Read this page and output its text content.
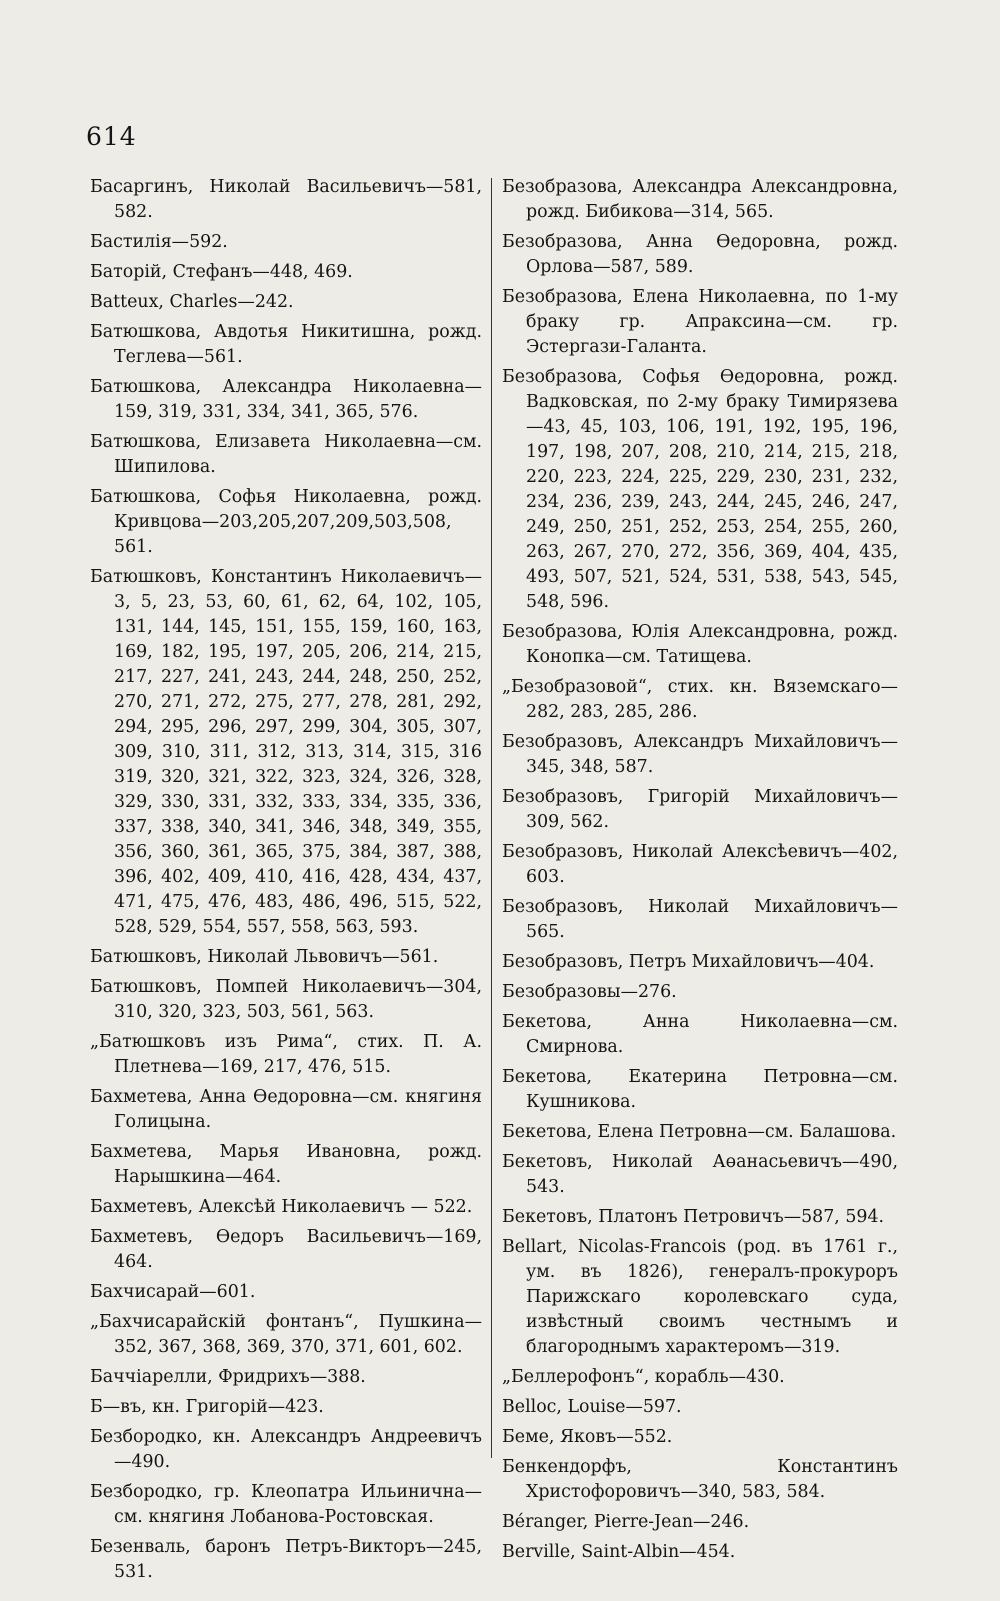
614

Басаргинъ, Николай Васильевичъ—581, 582.

Бастилія—592.

Баторій, Стефанъ—448, 469.

Batteux, Charles—242.

Батюшкова, Авдотья Никитишна, рожд. Теглева—561.

Батюшкова, Александра Николаевна—159, 319, 331, 334, 341, 365, 576.

Батюшкова, Елизавета Николаевна—см. Шипилова.

Батюшкова, Софья Николаевна, рожд. Кривцова—203,205,207,209,503,508, 561.

Батюшковъ, Константинъ Николаевичъ—3, 5, 23, 53, 60, 61, 62, 64, 102, 105, 131, 144, 145, 151, 155, 159, 160, 163, 169, 182, 195, 197, 205, 206, 214, 215, 217, 227, 241, 243, 244, 248, 250, 252, 270, 271, 272, 275, 277, 278, 281, 292, 294, 295, 296, 297, 299, 304, 305, 307, 309, 310, 311, 312, 313, 314, 315, 316 319, 320, 321, 322, 323, 324, 326, 328, 329, 330, 331, 332, 333, 334, 335, 336, 337, 338, 340, 341, 346, 348, 349, 355, 356, 360, 361, 365, 375, 384, 387, 388, 396, 402, 409, 410, 416, 428, 434, 437, 471, 475, 476, 483, 486, 496, 515, 522, 528, 529, 554, 557, 558, 563, 593.

Батюшковъ, Николай Львовичъ—561.

Батюшковъ, Помпей Николаевичъ—304, 310, 320, 323, 503, 561, 563.

„Батюшковъ изъ Рима“, стих. П. А. Плетнева—169, 217, 476, 515.

Бахметева, Анна Өедоровна—см. княгиня Голицына.

Бахметева, Марья Ивановна, рожд. Нарышкина—464.

Бахметевъ, Алексѣй Николаевичъ — 522.

Бахметевъ, Өедоръ Васильевичъ—169, 464.

Бахчисарай—601.

„Бахчисарайскій фонтанъ“, Пушкина—352, 367, 368, 369, 370, 371, 601, 602.

Баччіарелли, Фридрихъ—388.

Б—въ, кн. Григорій—423.

Безбородко, кн. Александръ Андреевичъ—490.

Безбородко, гр. Клеопатра Ильинична—см. княгиня Лобанова-Ростовская.

Безенваль, баронъ Петръ-Викторъ—245, 531.

Безобразова, Александра Александровна, рожд. Бибикова—314, 565.

Безобразова, Анна Өедоровна, рожд. Орлова—587, 589.

Безобразова, Елена Николаевна, по 1-му браку гр. Апраксина—см. гр. Эстергази-Галанта.

Безобразова, Софья Өедоровна, рожд. Вадковская, по 2-му браку Тимирязева—43, 45, 103, 106, 191, 192, 195, 196, 197, 198, 207, 208, 210, 214, 215, 218, 220, 223, 224, 225, 229, 230, 231, 232, 234, 236, 239, 243, 244, 245, 246, 247, 249, 250, 251, 252, 253, 254, 255, 260, 263, 267, 270, 272, 356, 369, 404, 435, 493, 507, 521, 524, 531, 538, 543, 545, 548, 596.

Безобразова, Юлія Александровна, рожд. Конопка—см. Татищева.

„Безобразовой“, стих. кн. Вяземскаго—282, 283, 285, 286.

Безобразовъ, Александръ Михайловичъ—345, 348, 587.

Безобразовъ, Григорій Михайловичъ—309, 562.

Безобразовъ, Николай Алексѣевичъ—402, 603.

Безобразовъ, Николай Михайловичъ—565.

Безобразовъ, Петръ Михайловичъ—404.

Безобразовы—276.

Бекетова, Анна Николаевна—см. Смирнова.

Бекетова, Екатерина Петровна—см. Кушникова.

Бекетова, Елена Петровна—см. Балашова.

Бекетовъ, Николай Аөанасьевичъ—490, 543.

Бекетовъ, Платонъ Петровичъ—587, 594.

Bellart, Nicolas-Francois (род. въ 1761 г., ум. въ 1826), генералъ-прокуроръ Парижскаго королевскаго суда, извѣстный своимъ честнымъ и благороднымъ характеромъ—319.

„Беллерофонъ“, корабль—430.

Belloc, Louise—597.

Беме, Яковъ—552.

Бенкендорфъ, Константинъ Христофоровичъ—340, 583, 584.

Béranger, Pierre-Jean—246.

Berville, Saint-Albin—454.
